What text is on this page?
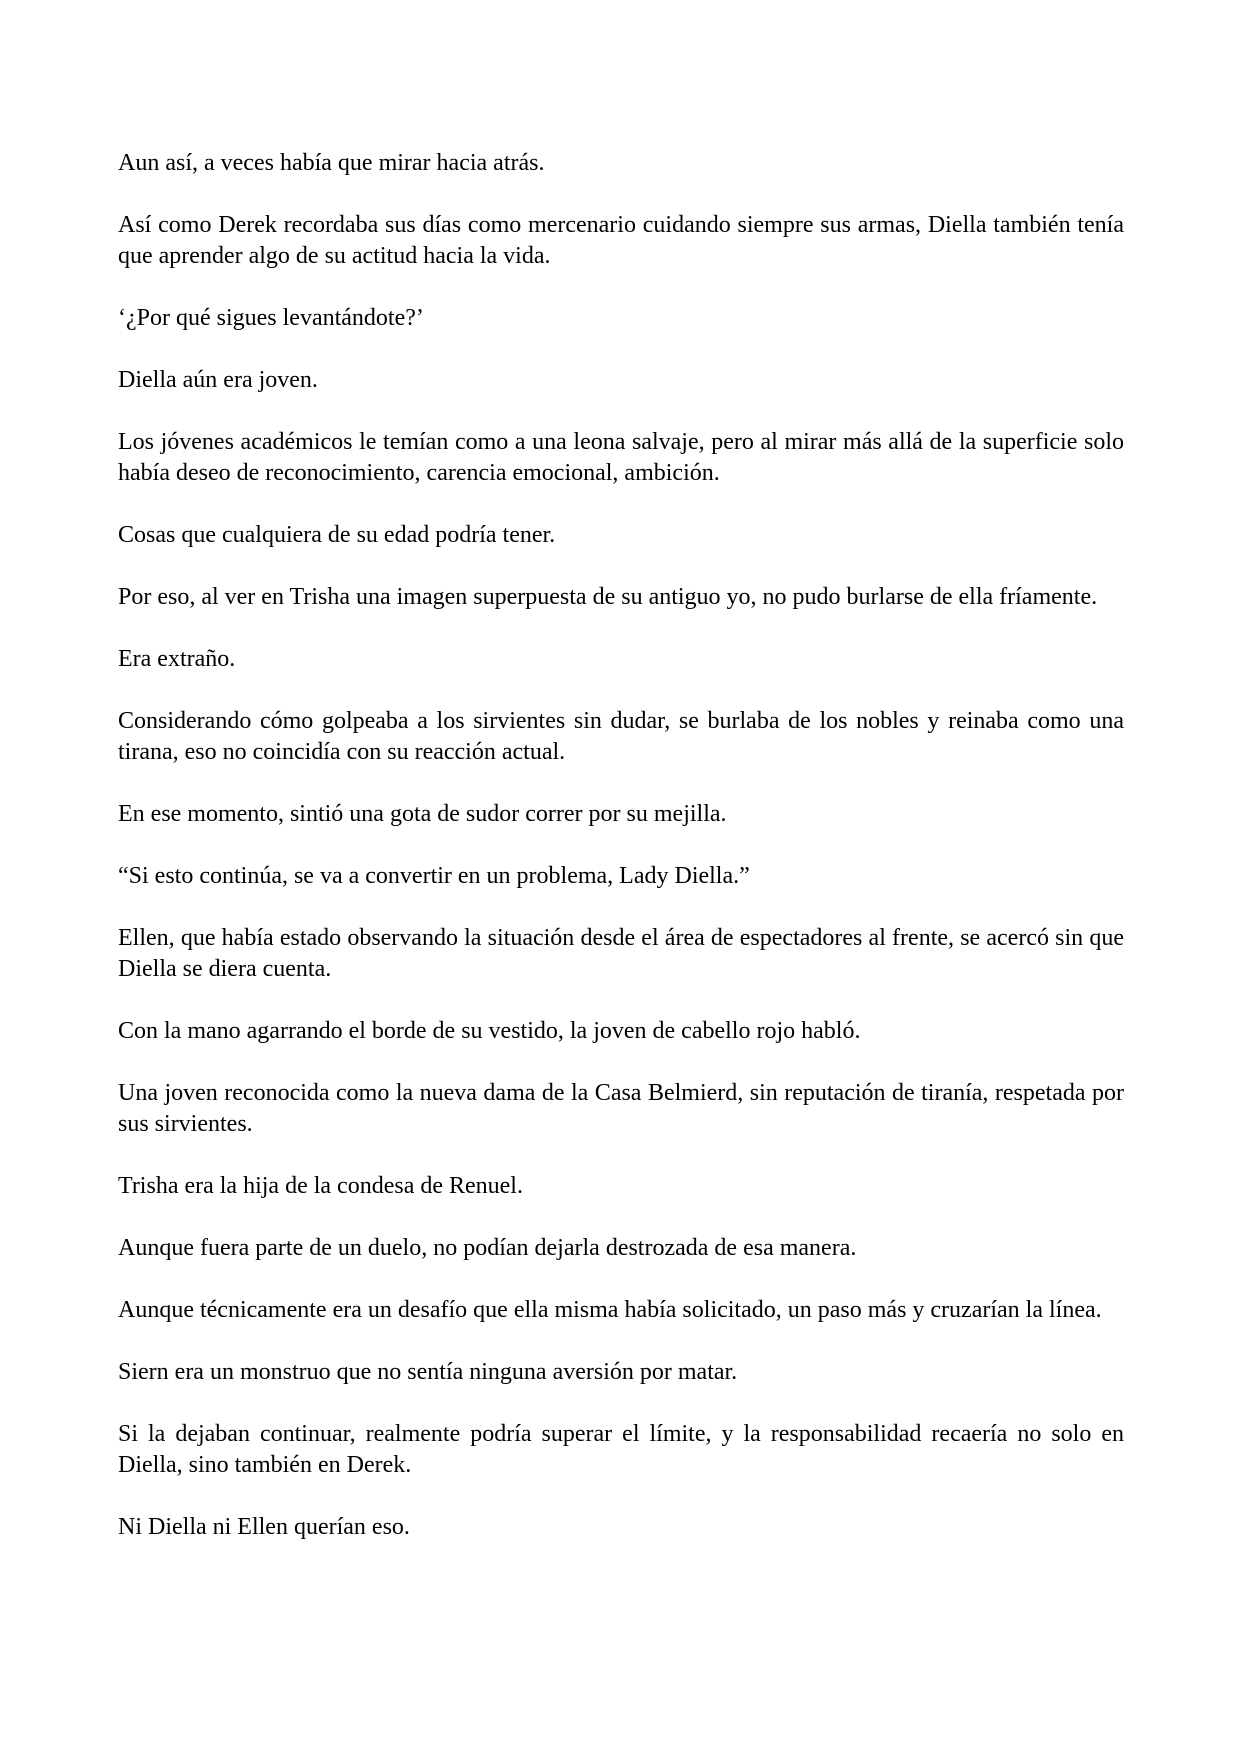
Aun así, a veces había que mirar hacia atrás.

Así como Derek recordaba sus días como mercenario cuidando siempre sus armas, Diella también tenía que aprender algo de su actitud hacia la vida.

‘¿Por qué sigues levantándote?’

Diella aún era joven.

Los jóvenes académicos le temían como a una leona salvaje, pero al mirar más allá de la superficie solo había deseo de reconocimiento, carencia emocional, ambición.

Cosas que cualquiera de su edad podría tener.

Por eso, al ver en Trisha una imagen superpuesta de su antiguo yo, no pudo burlarse de ella fríamente.

Era extraño.

Considerando cómo golpeaba a los sirvientes sin dudar, se burlaba de los nobles y reinaba como una tirana, eso no coincidía con su reacción actual.

En ese momento, sintió una gota de sudor correr por su mejilla.

“Si esto continúa, se va a convertir en un problema, Lady Diella.”

Ellen, que había estado observando la situación desde el área de espectadores al frente, se acercó sin que Diella se diera cuenta.

Con la mano agarrando el borde de su vestido, la joven de cabello rojo habló.

Una joven reconocida como la nueva dama de la Casa Belmierd, sin reputación de tiranía, respetada por sus sirvientes.

Trisha era la hija de la condesa de Renuel.

Aunque fuera parte de un duelo, no podían dejarla destrozada de esa manera.

Aunque técnicamente era un desafío que ella misma había solicitado, un paso más y cruzarían la línea.

Siern era un monstruo que no sentía ninguna aversión por matar.

Si la dejaban continuar, realmente podría superar el límite, y la responsabilidad recaería no solo en Diella, sino también en Derek.

Ni Diella ni Ellen querían eso.
